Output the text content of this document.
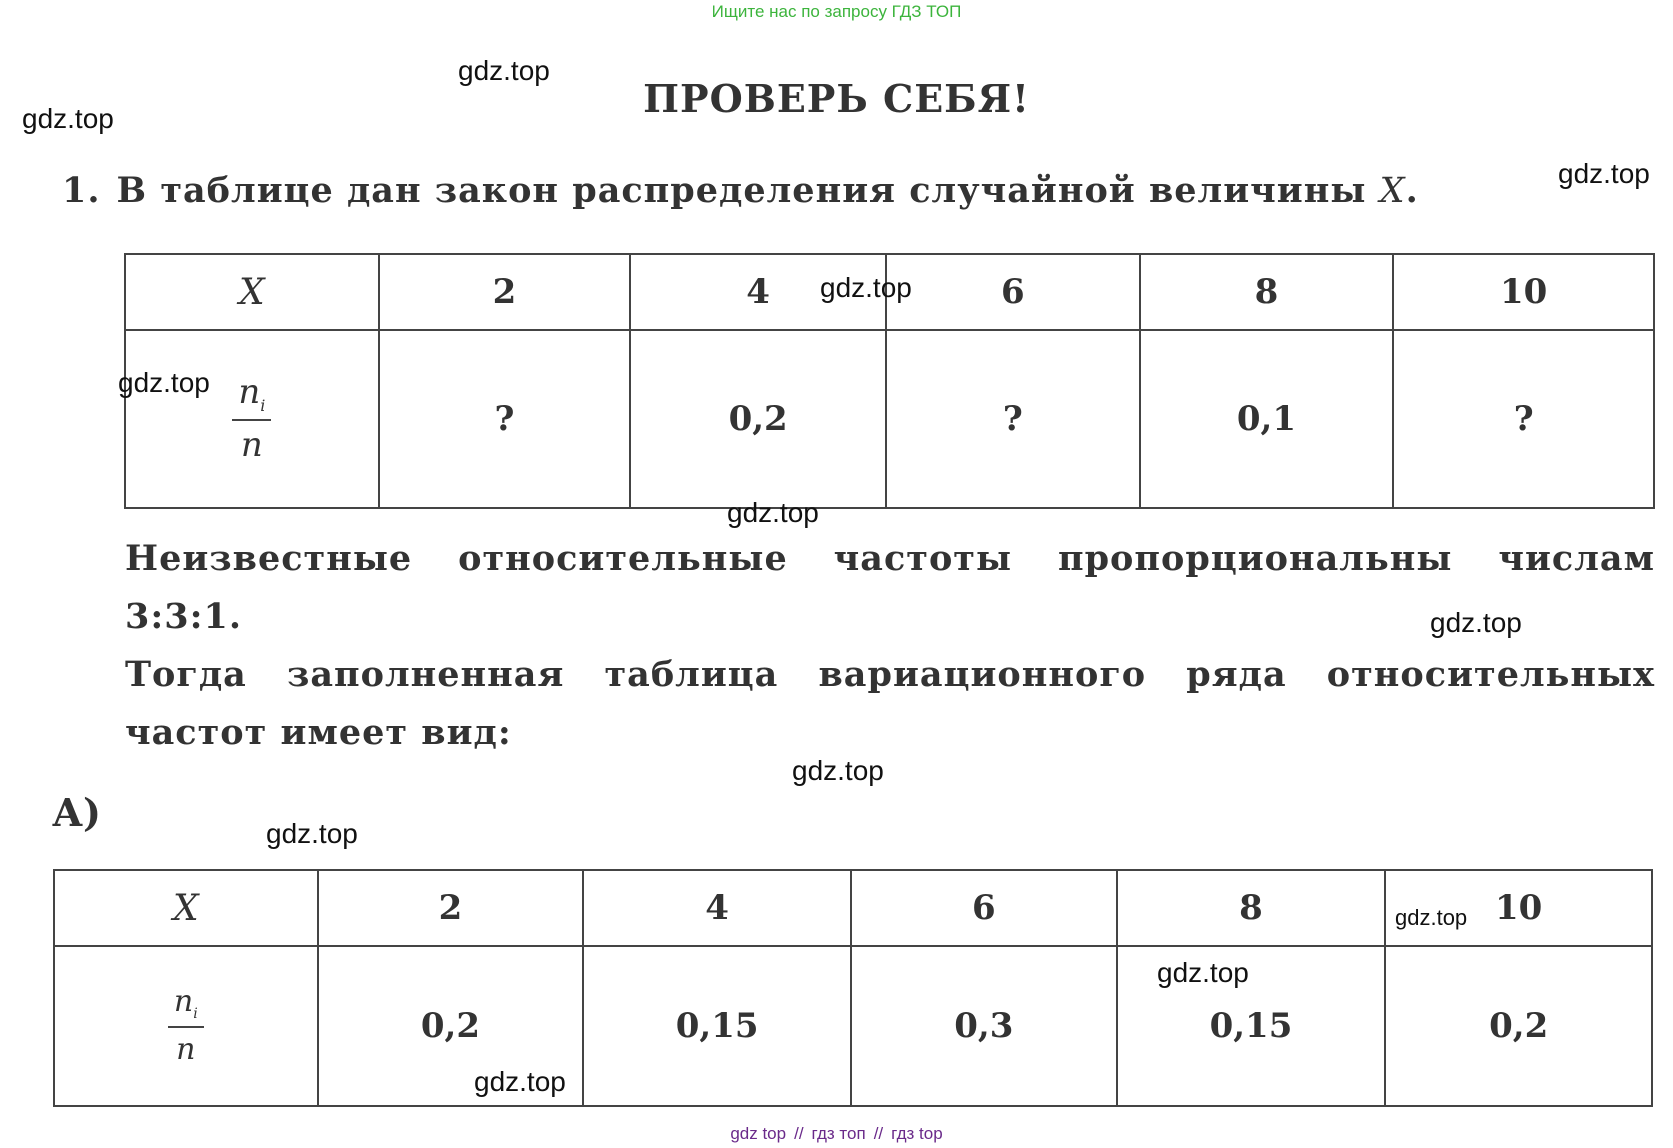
Ищите нас по запросу ГДЗ ТОП
ПРОВЕРЬ СЕБЯ!
1. В таблице дан закон распределения случайной величины X.
X	2	4	6	8	10

$\frac{n_i}{n}$	?	0,2	?	0,1	?
Неизвестные относительные частоты пропорциональны числам
3:3:1.
Тогда заполненная таблица вариационного ряда относительных
частот имеет вид:
А)
X	2	4	6	8	10

$\frac{n_i}{n}$	0,2	0,15	0,3	0,15	0,2
gdz.top
gdz.top
gdz.top
gdz.top
gdz.top
gdz.top
gdz.top
gdz.top
gdz.top
gdz.top
gdz.top
gdz.top
gdz top // гдз топ // гдз top
